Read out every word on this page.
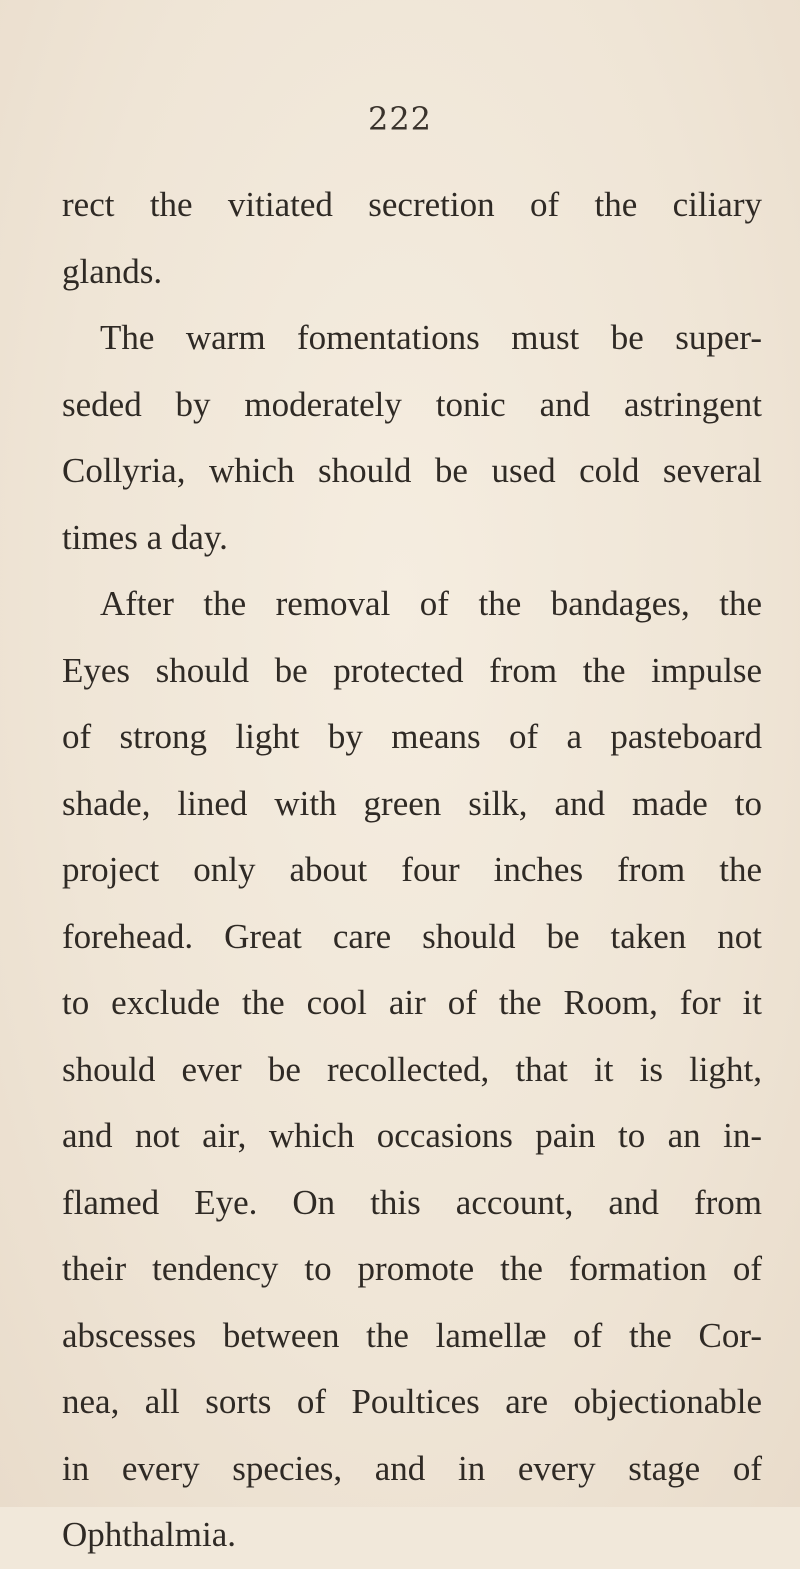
222
rect the vitiated secretion of the ciliary
glands.
The warm fomentations must be super-
seded by moderately tonic and astringent
Collyria, which should be used cold several
times a day.
After the removal of the bandages, the
Eyes should be protected from the impulse
of strong light by means of a pasteboard
shade, lined with green silk, and made to
project only about four inches from the
forehead. Great care should be taken not
to exclude the cool air of the Room, for it
should ever be recollected, that it is light,
and not air, which occasions pain to an in-
flamed Eye. On this account, and from
their tendency to promote the formation of
abscesses between the lamellæ of the Cor-
nea, all sorts of Poultices are objectionable
in every species, and in every stage of
Ophthalmia.
